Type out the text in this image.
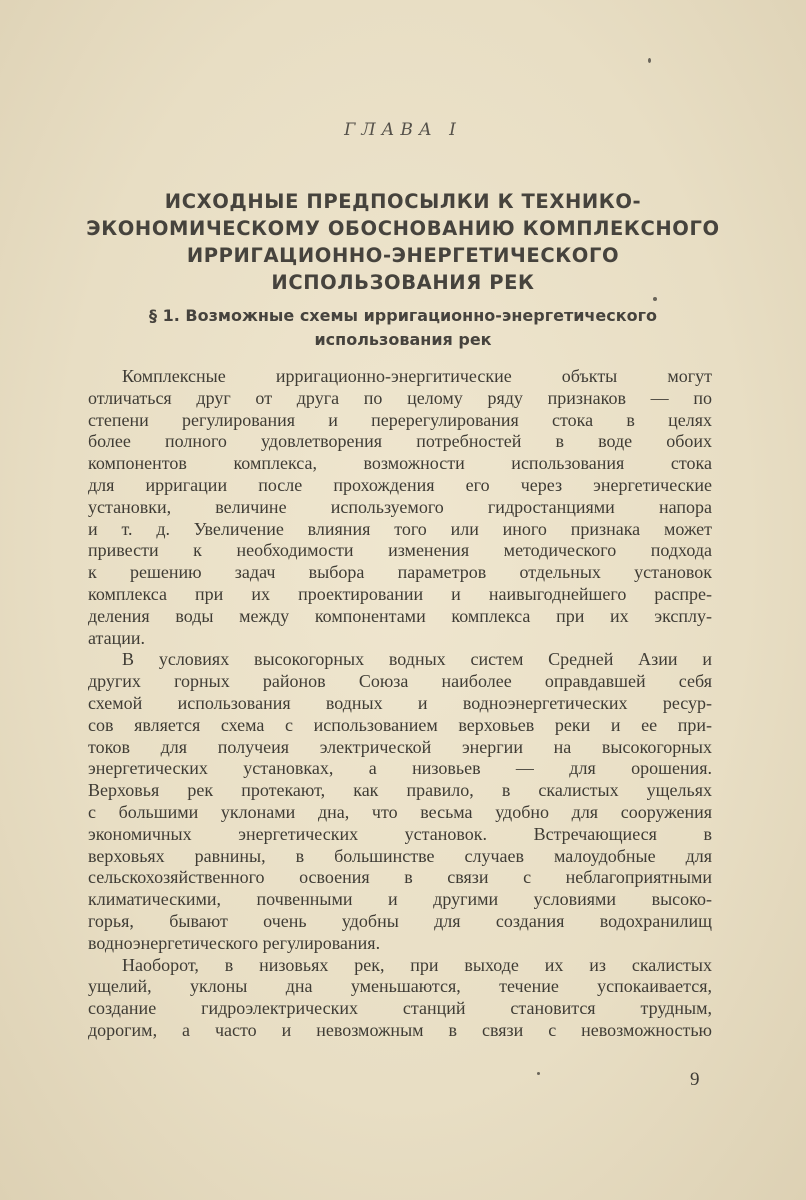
ГЛАВА I
ИСХОДНЫЕ ПРЕДПОСЫЛКИ К ТЕХНИКО-
ЭКОНОМИЧЕСКОМУ ОБОСНОВАНИЮ КОМПЛЕКСНОГО
ИРРИГАЦИОННО-ЭНЕРГЕТИЧЕСКОГО
ИСПОЛЬЗОВАНИЯ РЕК
§ 1. Возможные схемы ирригационно-энергетического
использования рек
Комплексные ирригационно-энергитические объкты могут
отличаться друг от друга по целому ряду признаков — по
степени регулирования и перерегулирования стока в целях
более полного удовлетворения потребностей в воде обоих
компонентов комплекса, возможности использования стока
для ирригации после прохождения его через энергетические
установки, величине используемого гидростанциями напора
и т. д. Увеличение влияния того или иного признака может
привести к необходимости изменения методического подхода
к решению задач выбора параметров отдельных установок
комплекса при их проектировании и наивыгоднейшего распре-
деления воды между компонентами комплекса при их эксплу-
атации.
В условиях высокогорных водных систем Средней Азии и
других горных районов Союза наиболее оправдавшей себя
схемой использования водных и водноэнергетических ресур-
сов является схема с использованием верховьев реки и ее при-
токов для получеия электрической энергии на высокогорных
энергетических установках, а низовьев — для орошения.
Верховья рек протекают, как правило, в скалистых ущельях
с большими уклонами дна, что весьма удобно для сооружения
экономичных энергетических установок. Встречающиеся в
верховьях равнины, в большинстве случаев малоудобные для
сельскохозяйственного освоения в связи с неблагоприятными
климатическими, почвенными и другими условиями высоко-
горья, бывают очень удобны для создания водохранилищ
водноэнергетического регулирования.
Наоборот, в низовьях рек, при выходе их из скалистых
ущелий, уклоны дна уменьшаются, течение успокаивается,
создание гидроэлектрических станций становится трудным,
дорогим, а часто и невозможным в связи с невозможностью
9
